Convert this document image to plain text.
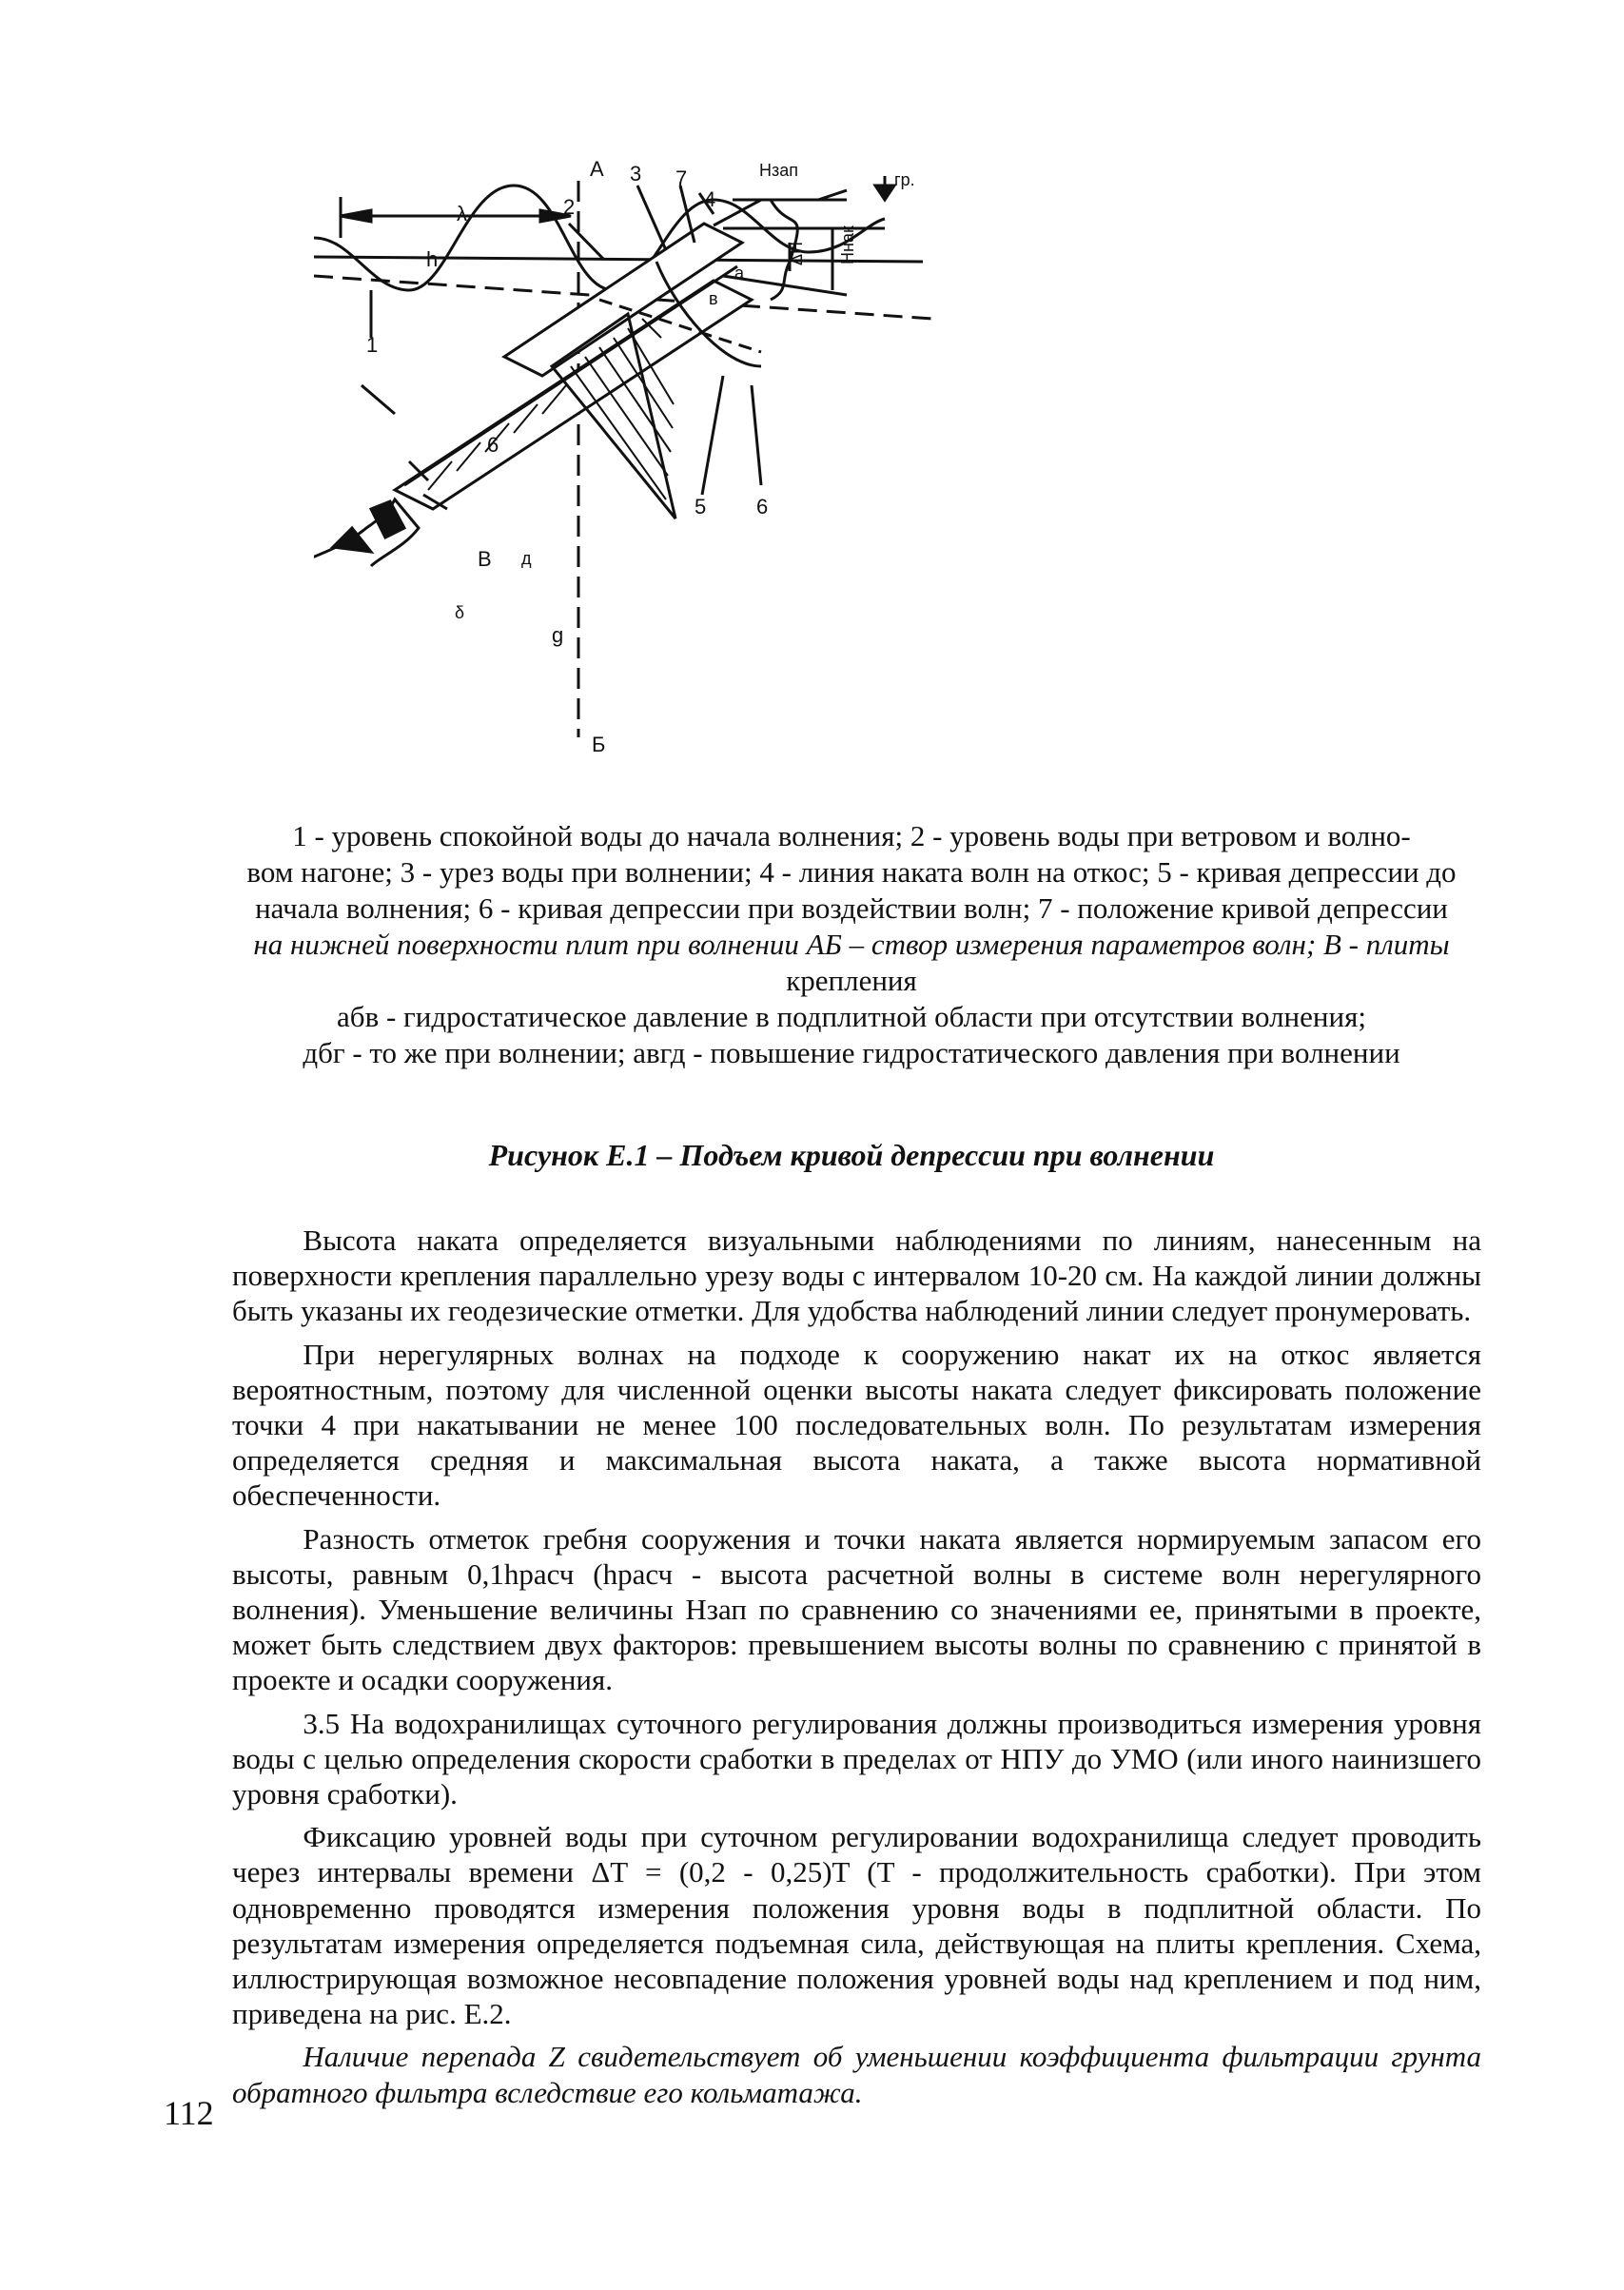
А
Б
λ
h
1
2
3 7
4
Hзап	гр.
Hнак
ΔH
a
в
5 6
6
В д
δ
g

1 - уровень спокойной воды до начала волнения; 2 - уровень воды при ветровом и волно-

вом нагоне; 3 - урез воды при волнении; 4 - линия наката волн на откос; 5 - кривая депрессии до

начала волнения; 6 - кривая депрессии при воздействии волн; 7 - положение кривой депрессии

на нижней поверхности плит при волнении АБ – створ измерения параметров волн; В - плиты

крепления

абв - гидростатическое давление в подплитной области при отсутствии волнения;

дбг - то же при волнении; авгд - повышение гидростатического давления при волнении

Рисунок Е.1 – Подъем кривой депрессии при волнении

Высота наката определяется визуальными наблюдениями по линиям, нанесенным на поверхности крепления параллельно урезу воды с интервалом 10-20 см. На каждой линии должны быть указаны их геодезические отметки. Для удобства наблюдений линии следует пронумеровать.

При нерегулярных волнах на подходе к сооружению накат их на откос является вероятностным, поэтому для численной оценки высоты наката следует фиксировать положение точки 4 при накатывании не менее 100 последовательных волн. По результатам измерения определяется средняя и максимальная высота наката, а также высота нормативной обеспеченности.

Разность отметок гребня сооружения и точки наката является нормируемым запасом его высоты, равным 0,1hрасч (hрасч - высота расчетной волны в системе волн нерегулярного волнения). Уменьшение величины Hзап по сравнению со значениями ее, принятыми в проекте, может быть следствием двух факторов: превышением высоты волны по сравнению с принятой в проекте и осадки сооружения.

3.5 На водохранилищах суточного регулирования должны производиться измерения уровня воды с целью определения скорости сработки в пределах от НПУ до УМО (или иного наинизшего уровня сработки).

Фиксацию уровней воды при суточном регулировании водохранилища следует проводить через интервалы времени ΔT = (0,2 - 0,25)T (T - продолжительность сработки). При этом одновременно проводятся измерения положения уровня воды в подплитной области. По результатам измерения определяется подъемная сила, действующая на плиты крепления. Схема, иллюстрирующая возможное несовпадение положения уровней воды над креплением и под ним, приведена на рис. Е.2.

Наличие перепада Z свидетельствует об уменьшении коэффициента фильтрации грунта обратного фильтра вследствие его кольматажа.

112
